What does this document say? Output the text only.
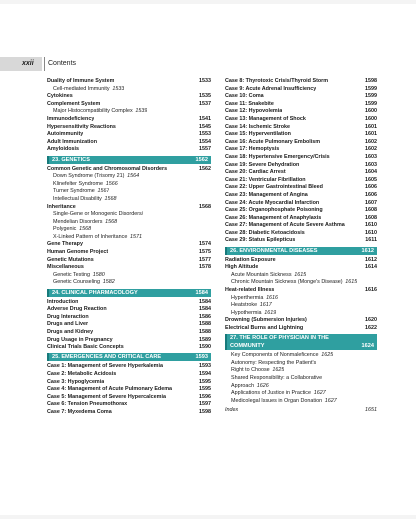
xxii	Contents
Duality of Immune System	1533
Cell-mediated Immunity  1533
Cytokines	1535
Complement System	1537
Major Histocompatibility Complex  1539
Immunodeficiency	1541
Hypersensitivity Reactions	1545
Autoimmunity	1553
Adult Immunization	1554
Amyloidosis	1557
23. GENETICS	1562
Common Genetic and Chromosomal Disorders	1562
Down Syndrome (Trisomy 21)  1564
Klinefelter Syndrome  1566
Turner Syndrome  1567
Intellectual Disability  1568
Inheritance	1568
Single-Gene or Monogenic Disorders/
Mendelian Disorders  1568
Polygenic  1568
X-Linked Pattern of Inheritance  1571
Gene Therapy	1574
Human Genome Project	1575
Genetic Mutations	1577
Miscellaneous	1578
Genetic Testing  1580
Genetic Counseling  1582
24. CLINICAL PHARMACOLOGY	1584
Introduction	1584
Adverse Drug Reaction	1584
Drug Interaction	1586
Drugs and Liver	1588
Drugs and Kidney	1588
Drug Usage in Pregnancy	1589
Clinical Trials Basic Concepts	1590
25. EMERGENCIES AND CRITICAL CARE	1593
Case 1: Management of Severe Hyperkalemia	1593
Case 2: Metabolic Acidosis	1594
Case 3: Hypoglycemia	1595
Case 4: Management of Acute Pulmonary Edema	1595
Case 5: Management of Severe Hypercalcemia	1596
Case 6: Tension Pneumothorax	1597
Case 7: Myxedema Coma	1598
Case 8: Thyrotoxic Crisis/Thyroid Storm	1598
Case 9: Acute Adrenal Insufficiency	1599
Case 10: Coma	1599
Case 11: Snakebite	1599
Case 12: Hypovolemia	1600
Case 13: Management of Shock	1600
Case 14: Ischemic Stroke	1601
Case 15: Hyperventilation	1601
Case 16: Acute Pulmonary Embolism	1602
Case 17: Hemoptysis	1602
Case 18: Hypertensive Emergency/Crisis	1603
Case 19: Severe Dehydration	1603
Case 20: Cardiac Arrest	1604
Case 21: Ventricular Fibrillation	1605
Case 22: Upper Gastrointestinal Bleed	1606
Case 23: Management of Angina	1606
Case 24: Acute Myocardial Infarction	1607
Case 25: Organophosphate Poisoning	1608
Case 26: Management of Anaphylaxis	1608
Case 27: Management of Acute Severe Asthma	1610
Case 28: Diabetic Ketoacidosis	1610
Case 29: Status Epilepticus	1611
26. ENVIRONMENTAL DISEASES	1612
Radiation Exposure	1612
High Altitude	1614
Acute Mountain Sickness  1615
Chronic Mountain Sickness (Monge's Disease)  1615
Heat-related Illness	1616
Hyperthermia  1616
Heatstroke  1617
Hypothermia  1619
Drowning (Submersion Injuries)	1620
Electrical Burns and Lightning	1622
27. THE ROLE OF PHYSICIAN IN THE
COMMUNITY	1624
Key Components of Nonmaleficence  1625
Autonomy: Respecting the Patient's
Right to Choose  1625
Shared Responsibility: a Collaborative
Approach  1626
Applications of Justice in Practice  1627
Medicolegal Issues in Organ Donation  1627
Index	1651
